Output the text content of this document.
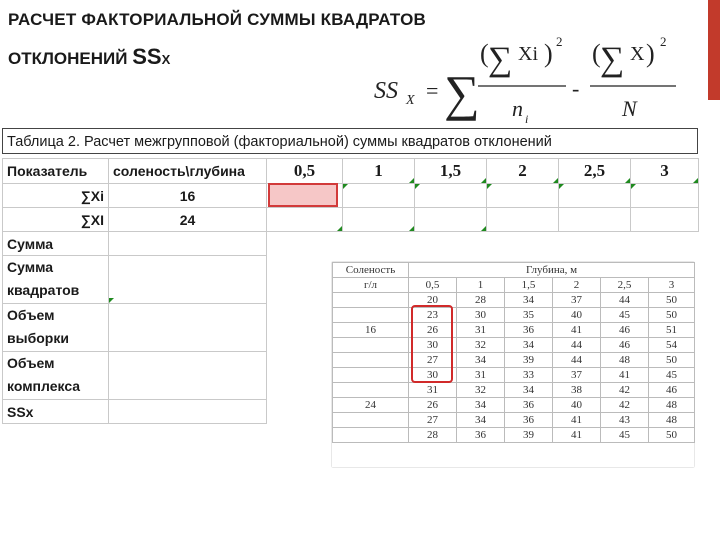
РАСЧЕТ ФАКТОРИАЛЬНОЙ СУММЫ КВАДРАТОВ
ОТКЛОНЕНИЙ SSX
SS X = ∑
( ∑ Xi ) 2
n i
-
( ∑ X ) 2
N
Таблица 2. Расчет межгрупповой (факториальной) суммы квадратов отклонений
Показатель	соленость\глубина	0,5	1	1,5	2	2,5	3

∑Xi	16		

∑XI	24	

Сумма							
Сумма квадратов							

Объем выборки							
Объем комплекса							
SSx							
Соленость	Глубина, м					
г/л	0,5	1	1,5	2	2,5	3
	20	28	34	37	44	50
	23	30	35	40	45	50
16	26	31	36	41	46	51
	30	32	34	44	46	54
	27	34	39	44	48	50
	30	31	33	37	41	45
	31	32	34	38	42	46
24	26	34	36	40	42	48
	27	34	36	41	43	48
	28	36	39	41	45	50
